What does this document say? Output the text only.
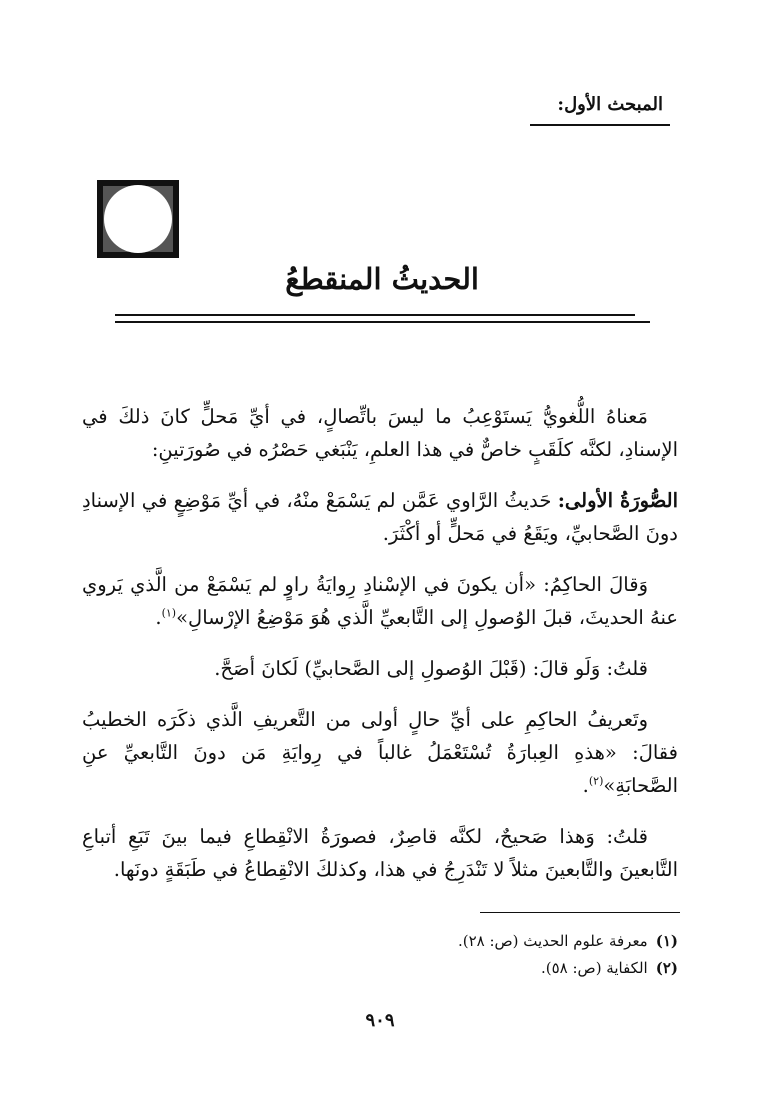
المبحث الأول:
الحديثُ المنقطعُ

مَعناهُ اللُّغويُّ يَستَوْعِبُ ما ليسَ باتِّصالٍ، في أيِّ مَحلٍّ كانَ ذلكَ في الإسنادِ، لكنَّه كلَقَبٍ خاصٌّ في هذا العلمِ، يَنْبَغي حَصْرُه في صُورَتينِ:

الصُّورَةُ الأولى: حَديثُ الرَّاوي عَمَّن لم يَسْمَعْ منْهُ، في أيِّ مَوْضِعٍ في الإسنادِ دونَ الصَّحابيِّ، ويَقَعُ في مَحلٍّ أو أكْثَرَ.

وَقالَ الحاكِمُ: «أن يكونَ في الإسْنادِ رِوايَةُ راوٍ لم يَسْمَعْ من الَّذي يَروي عنهُ الحديثَ، قبلَ الوُصولِ إلى التَّابعيِّ الَّذي هُوَ مَوْضِعُ الإرْسالِ»$^{(١)}$.

قلتُ: وَلَو قالَ: (قَبْلَ الوُصولِ إلى الصَّحابيِّ) لَكانَ أصَحَّ.

وتَعريفُ الحاكِمِ على أيِّ حالٍ أولى من التَّعريفِ الَّذي ذكَرَه الخطيبُ فقالَ: «هذهِ العِبارَةُ تُسْتَعْمَلُ غالباً في رِوايَةِ مَن دونَ التَّابعيِّ عنِ الصَّحابَةِ»$^{(٢)}$.

قلتُ: وَهذا صَحيحٌ، لكنَّه قاصِرٌ، فصورَةُ الانْقِطاعِ فيما بينَ تَبَعِ أتباعِ التَّابعينَ والتَّابعينَ مثلاً لا تَنْدَرِجُ في هذا، وكذلكَ الانْقِطاعُ في طَبَقَةٍ دونَها.

(١)معرفة علوم الحديث (ص: ٢٨).
(٢)الكفاية (ص: ٥٨).
٩٠٩
